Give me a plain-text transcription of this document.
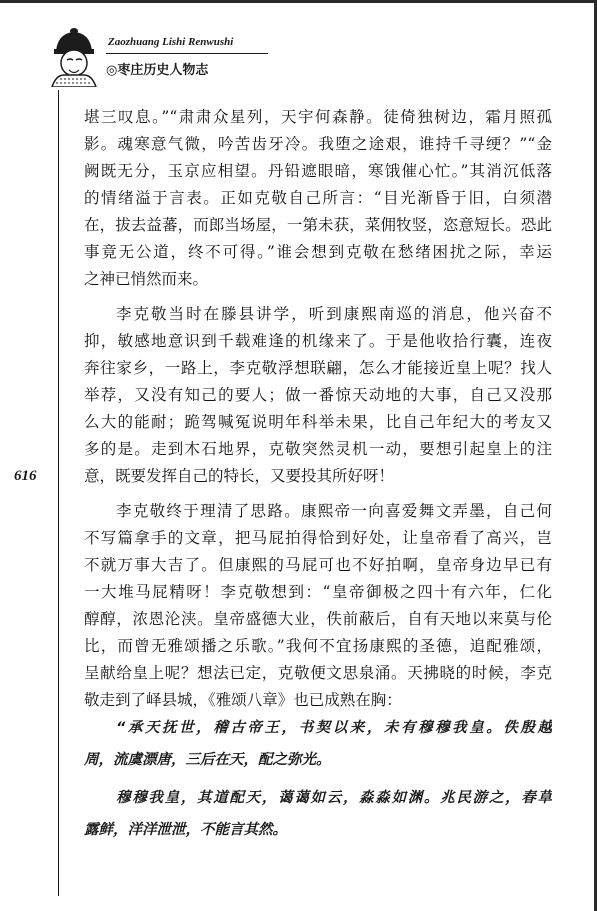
Zaozhuang Lishi Renwushi
◎枣庄历史人物志
616
堪三叹息。”“肃肃众星列，天宇何森静。徒倚独树边，霜月照孤
影。魂寒意气微，吟苦齿牙冷。我堕之途艰，谁持千寻绠？”“金
阙既无分，玉京应相望。丹铅遮眼暗，寒饿催心忙。”其消沉低落
的情绪溢于言表。正如克敬自己所言：“目光渐昏于旧，白须潜
在，拔去益蕃，而郎当场屋，一第未获，菜佣牧竖，恣意短长。恐此
事竟无公道，终不可得。”谁会想到克敬在愁绪困扰之际，幸运
之神已悄然而来。
李克敬当时在滕县讲学，听到康熙南巡的消息，他兴奋不
抑，敏感地意识到千载难逢的机缘来了。于是他收拾行囊，连夜
奔往家乡，一路上，李克敬浮想联翩，怎么才能接近皇上呢？找人
举荐，又没有知己的要人；做一番惊天动地的大事，自己又没那
么大的能耐；跪驾喊冤说明年科举未果，比自己年纪大的考友又
多的是。走到木石地界，克敬突然灵机一动，要想引起皇上的注
意，既要发挥自己的特长，又要投其所好呀！
李克敬终于理清了思路。康熙帝一向喜爱舞文弄墨，自己何
不写篇拿手的文章，把马屁拍得恰到好处，让皇帝看了高兴，岂
不就万事大吉了。但康熙的马屁可也不好拍啊，皇帝身边早已有
一大堆马屁精呀！李克敬想到：“皇帝御极之四十有六年，仁化
醇醇，浓恩沦浃。皇帝盛德大业，佚前蔽后，自有天地以来莫与伦
比，而曾无雅颂播之乐歌。”我何不宜扬康熙的圣德，追配雅颂，
呈献给皇上呢？想法已定，克敬便文思泉涌。天拂晓的时候，李克
敬走到了峄县城，《雅颂八章》也已成熟在胸：
“承天抚世，稽古帝王，书契以来，未有穆穆我皇。佚殷越
周，流虞漂唐，三后在天，配之弥光。
穆穆我皇，其道配天，蔼蔼如云，淼淼如渊。兆民游之，春草
露鲜，洋洋泄泄，不能言其然。
